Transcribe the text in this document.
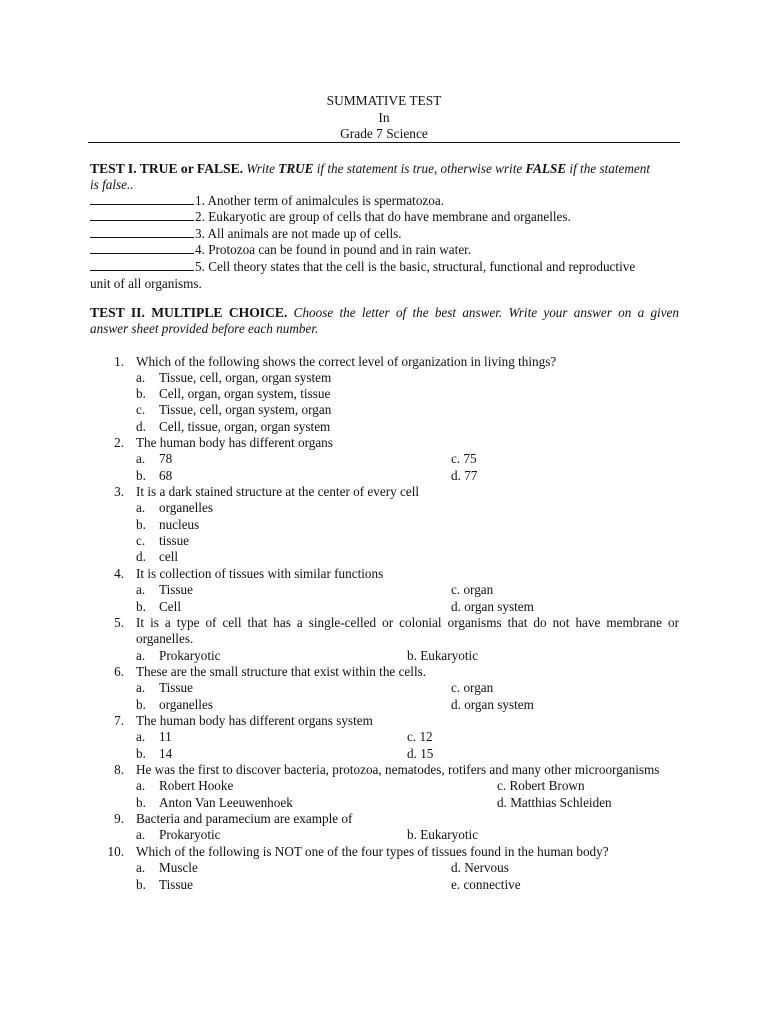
SUMMATIVE TEST
In
Grade 7 Science
TEST I. TRUE or FALSE. Write TRUE if the statement is true, otherwise write FALSE if the statement
is false..
1. Another term of animalcules is spermatozoa.
2. Eukaryotic are group of cells that do have membrane and organelles.
3. All animals are not made up of cells.
4. Protozoa can be found in pound and in rain water.
5. Cell theory states that the cell is the basic, structural, functional and reproductive
unit of all organisms.
TEST II. MULTIPLE CHOICE. Choose the letter of the best answer. Write your answer on a given
answer sheet provided before each number.
1. Which of the following shows the correct level of organization in living things?
a. Tissue, cell, organ, organ system
b. Cell, organ, organ system, tissue
c. Tissue, cell, organ system, organ
d. Cell, tissue, organ, organ system
2. The human body has different organs
a. 78	c. 75
b. 68	d. 77
3. It is a dark stained structure at the center of every cell
a. organelles
b. nucleus
c. tissue
d. cell
4. It is collection of tissues with similar functions
a. Tissue	c. organ
b. Cell	d. organ system
5. It is a type of cell that has a single-celled or colonial organisms that do not have membrane or
organelles.
a. Prokaryotic	b. Eukaryotic
6. These are the small structure that exist within the cells.
a. Tissue	c. organ
b. organelles	d. organ system
7. The human body has different organs system
a. 11	c. 12
b. 14	d. 15
8. He was the first to discover bacteria, protozoa, nematodes, rotifers and many other microorganisms
a. Robert Hooke	c. Robert Brown
b. Anton Van Leeuwenhoek	d. Matthias Schleiden
9. Bacteria and paramecium are example of
a. Prokaryotic	b. Eukaryotic
10. Which of the following is NOT one of the four types of tissues found in the human body?
a. Muscle	d. Nervous
b. Tissue	e. connective
